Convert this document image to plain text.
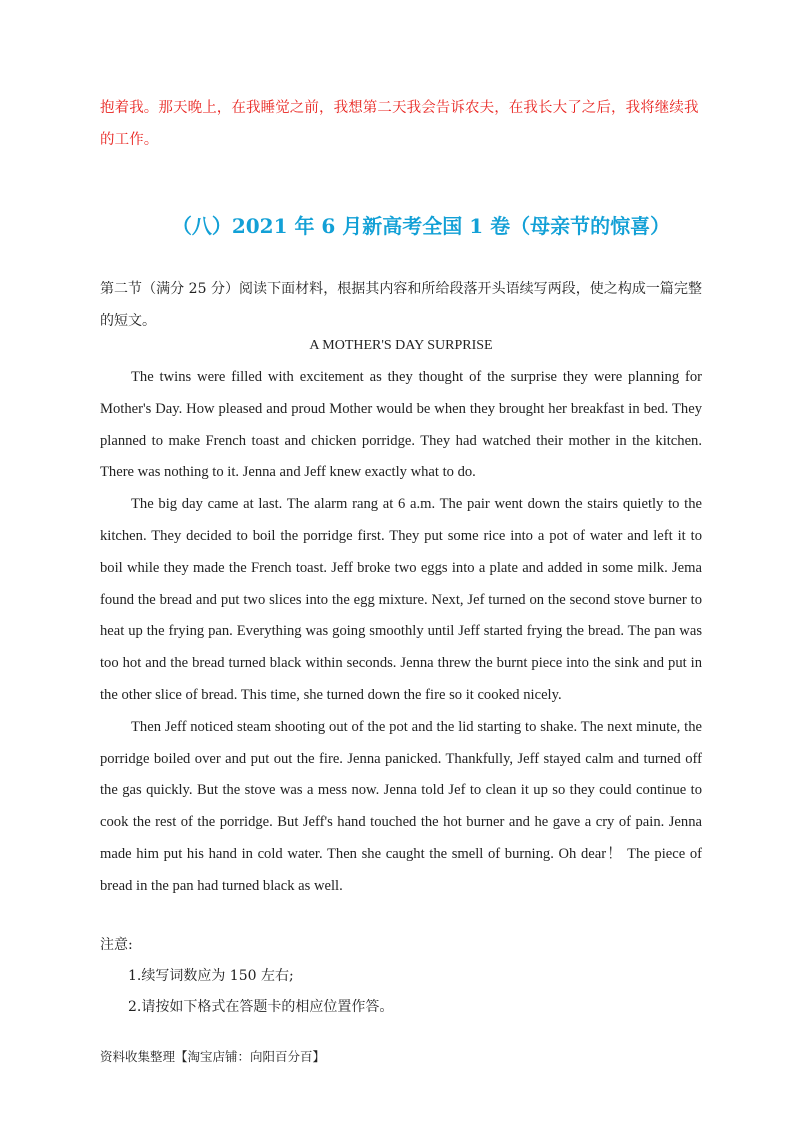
抱着我。那天晚上，在我睡觉之前，我想第二天我会告诉农夫，在我长大了之后，我将继续我的工作。

（八）2021 年 6 月新高考全国 1 卷（母亲节的惊喜）

第二节（满分 25 分）阅读下面材料，根据其内容和所给段落开头语续写两段，使之构成一篇完整的短文。

A MOTHER'S DAY SURPRISE

The twins were filled with excitement as they thought of the surprise they were planning for Mother's Day. How pleased and proud Mother would be when they brought her breakfast in bed. They planned to make French toast and chicken porridge. They had watched their mother in the kitchen. There was nothing to it. Jenna and Jeff knew exactly what to do.

The big day came at last. The alarm rang at 6 a.m. The pair went down the stairs quietly to the kitchen. They decided to boil the porridge first. They put some rice into a pot of water and left it to boil while they made the French toast. Jeff broke two eggs into a plate and added in some milk. Jema found the bread and put two slices into the egg mixture. Next, Jef turned on the second stove burner to heat up the frying pan. Everything was going smoothly until Jeff started frying the bread. The pan was too hot and the bread turned black within seconds. Jenna threw the burnt piece into the sink and put in the other slice of bread. This time, she turned down the fire so it cooked nicely.

Then Jeff noticed steam shooting out of the pot and the lid starting to shake. The next minute, the porridge boiled over and put out the fire. Jenna panicked. Thankfully, Jeff stayed calm and turned off the gas quickly. But the stove was a mess now. Jenna told Jef to clean it up so they could continue to cook the rest of the porridge. But Jeff's hand touched the hot burner and he gave a cry of pain. Jenna made him put his hand in cold water. Then she caught the smell of burning. Oh dear！ The piece of bread in the pan had turned black as well.

注意:
1.续写词数应为 150 左右;
2.请按如下格式在答题卡的相应位置作答。
资料收集整理【淘宝店铺：向阳百分百】
